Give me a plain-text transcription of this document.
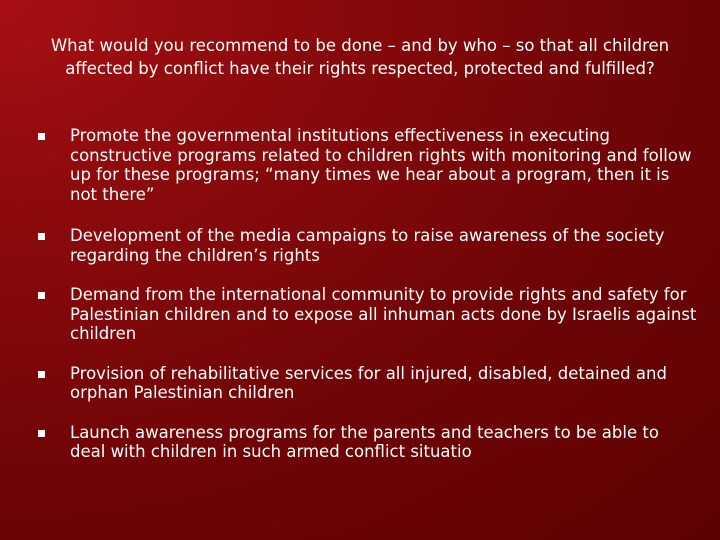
What would you recommend to be done – and by who – so that all children affected by conflict have their rights respected, protected and fulfilled?
Promote the governmental institutions effectiveness in executing constructive programs related to children rights with monitoring and follow up for these programs; “many times we hear about a program, then it is not there”
Development of the media campaigns to raise awareness of the society regarding the children’s rights
Demand from the international community to provide rights and safety for Palestinian children and to expose all inhuman acts done by Israelis against children
Provision of rehabilitative services for all injured, disabled, detained and orphan Palestinian children
Launch awareness programs for the parents and teachers to be able to deal with children in such armed conflict situatio
